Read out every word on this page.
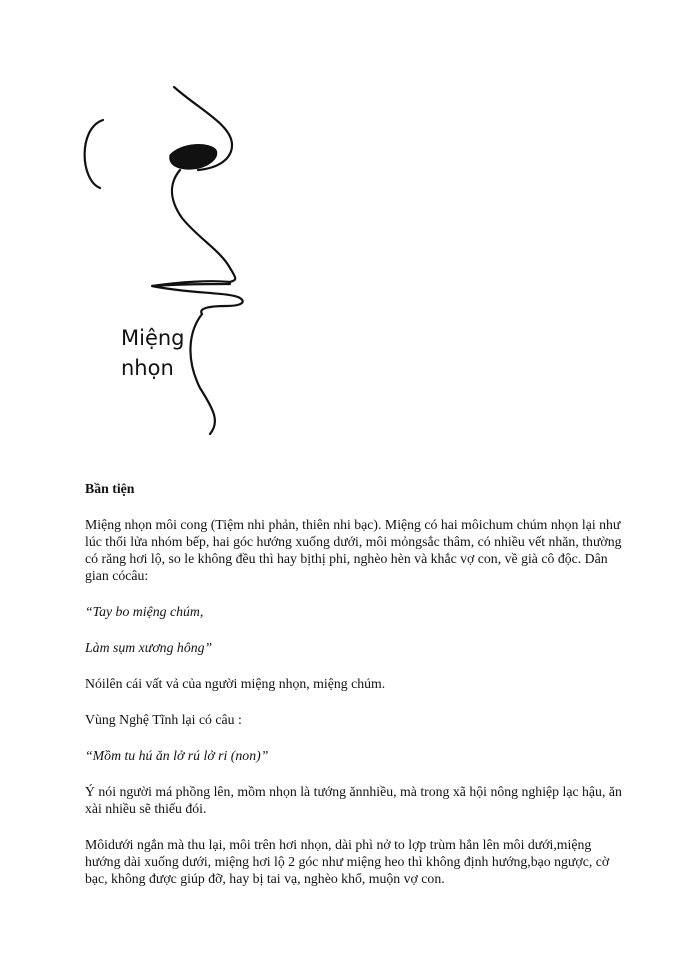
Miệng
nhọn

Bần tiện

Miệng nhọn môi cong (Tiệm nhi phản, thiên nhi bạc). Miệng có hai môichum chúm nhọn lại như lúc thổi lửa nhóm bếp, hai góc hướng xuống dưới, môi mỏngsắc thâm, có nhiều vết nhăn, thường có răng hơi lộ, so le không đều thì hay bịthị phi, nghèo hèn và khắc vợ con, về già cô độc. Dân gian cócâu:

“Tay bo miệng chúm,

Làm sụm xương hông”

Nóilên cái vất vả của người miệng nhọn, miệng chúm.

Vùng Nghệ Tĩnh lại có câu :

“Mồm tu hú ăn lở rú lở ri (non)”

Ý nói người má phồng lên, mồm nhọn là tướng ănnhiều, mà trong xã hội nông nghiệp lạc hậu, ăn xài nhiều sẽ thiếu đói.

Môidưới ngắn mà thu lại, môi trên hơi nhọn, dài phì nở to lợp trùm hẳn lên môi dưới,miệng hướng dài xuống dưới, miệng hơi lộ 2 góc như miệng heo thì không định hướng,bạo ngược, cờ bạc, không được giúp đỡ, hay bị tai vạ, nghèo khổ, muộn vợ con.
